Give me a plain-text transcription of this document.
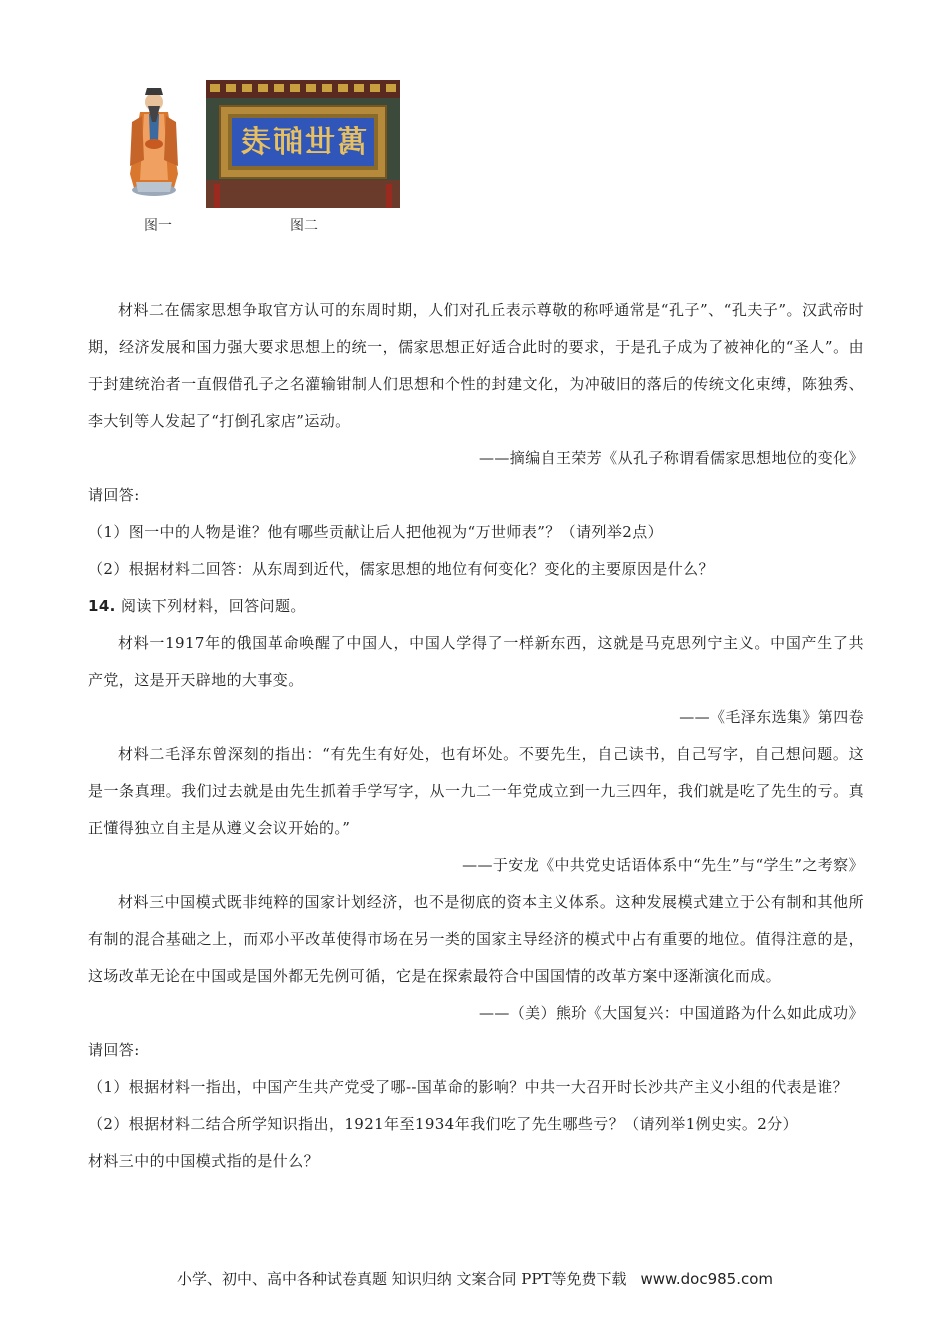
萬世師表
图一	图二

材料二在儒家思想争取官方认可的东周时期，人们对孔丘表示尊敬的称呼通常是“孔子”、“孔夫子”。汉武帝时期，经济发展和国力强大要求思想上的统一，儒家思想正好适合此时的要求，于是孔子成为了被神化的“圣人”。由于封建统治者一直假借孔子之名灌输钳制人们思想和个性的封建文化，为冲破旧的落后的传统文化束缚，陈独秀、李大钊等人发起了“打倒孔家店”运动。

——摘编自王荣芳《从孔子称谓看儒家思想地位的变化》

请回答:

（1）图一中的人物是谁？他有哪些贡献让后人把他视为“万世师表”？（请列举2点）

（2）根据材料二回答：从东周到近代，儒家思想的地位有何变化？变化的主要原因是什么？

14. 阅读下列材料，回答问题。

材料一1917年的俄国革命唤醒了中国人，中国人学得了一样新东西，这就是马克思列宁主义。中国产生了共产党，这是开天辟地的大事变。

——《毛泽东选集》第四卷

材料二毛泽东曾深刻的指出：“有先生有好处，也有坏处。不要先生，自己读书，自己写字，自己想问题。这是一条真理。我们过去就是由先生抓着手学写字，从一九二一年党成立到一九三四年，我们就是吃了先生的亏。真正懂得独立自主是从遵义会议开始的。”

——于安龙《中共党史话语体系中“先生”与“学生”之考察》

材料三中国模式既非纯粹的国家计划经济，也不是彻底的资本主义体系。这种发展模式建立于公有制和其他所有制的混合基础之上，而邓小平改革使得市场在另一类的国家主导经济的模式中占有重要的地位。值得注意的是，这场改革无论在中国或是国外都无先例可循，它是在探索最符合中国国情的改革方案中逐渐演化而成。

——（美）熊玠《大国复兴：中国道路为什么如此成功》

请回答:

（1）根据材料一指出，中国产生共产党受了哪--国革命的影响？中共一大召开时长沙共产主义小组的代表是谁？

（2）根据材料二结合所学知识指出，1921年至1934年我们吃了先生哪些亏？（请列举1例史实。2分）

材料三中的中国模式指的是什么？

小学、初中、高中各种试卷真题 知识归纳 文案合同 PPT等免费下载 www.doc985.com
